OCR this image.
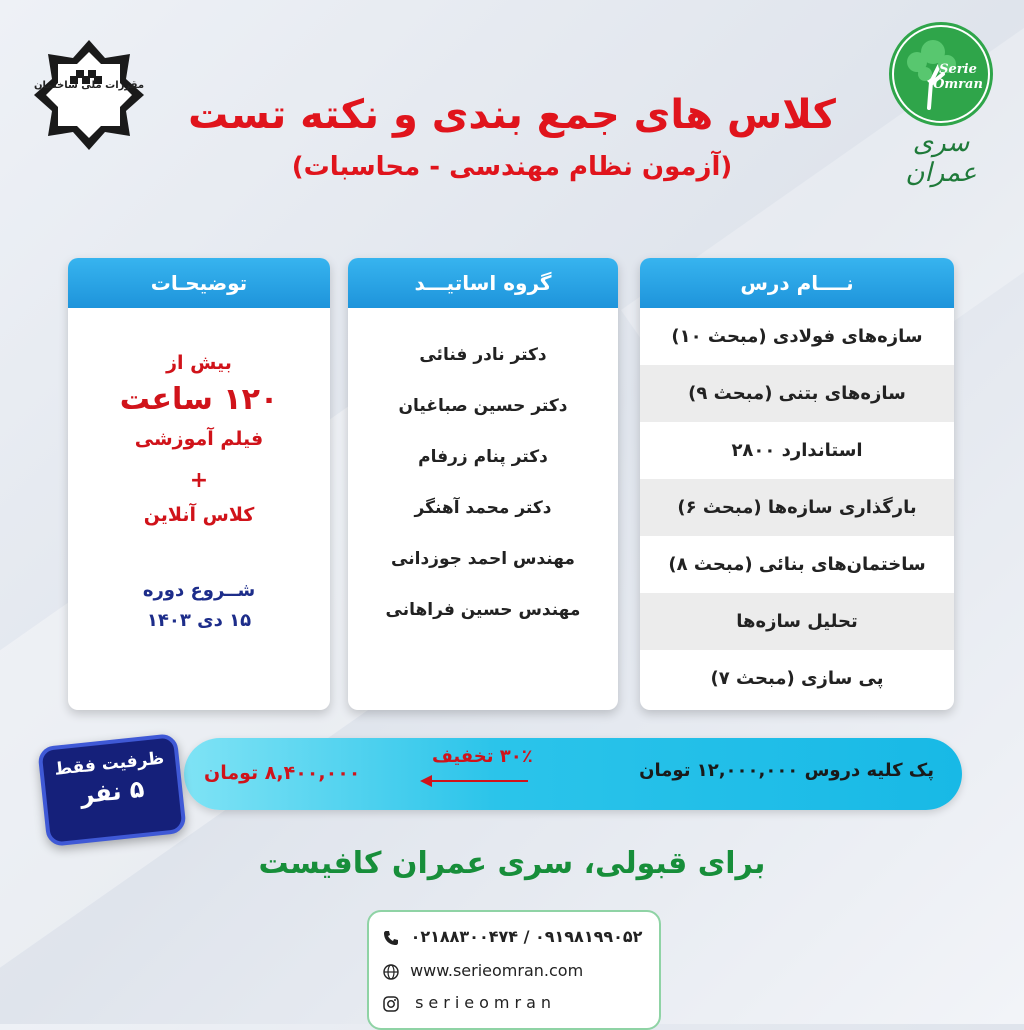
Serie
Omran
سری عمران
مقررات ملی ساختمان
کلاس های جمع بندی و نکته تست
(آزمون نظام مهندسی - محاسبات)
نــــام درس
سازه‌های فولادی (مبحث ۱۰)
سازه‌های بتنی (مبحث ۹)
استاندارد ۲۸۰۰
بارگذاری سازه‌ها (مبحث ۶)
ساختمان‌های بنائی (مبحث ۸)
تحلیل سازه‌ها
پی سازی (مبحث ۷)
گروه اساتیـــد
دکتر نادر فنائی
دکتر حسین صباغیان
دکتر پنام زرفام
دکتر محمد آهنگر
مهندس احمد جوزدانی
مهندس حسین فراهانی
توضیحـات
بیش از
۱۲۰ ساعت
فیلم آموزشی
+
کلاس آنلاین
شــروع دوره
۱۵ دی ۱۴۰۳
پک کلیه دروس ۱۲,۰۰۰,۰۰۰ تومان
۳۰٪ تخفیف
۸,۴۰۰,۰۰۰ تومان
ظرفیت فقط
۵ نفر
برای قبولی، سری عمران کافیست
۰۲۱۸۸۳۰۰۴۷۴ / ۰۹۱۹۸۱۹۹۰۵۲
www.serieomran.com
serieomran
